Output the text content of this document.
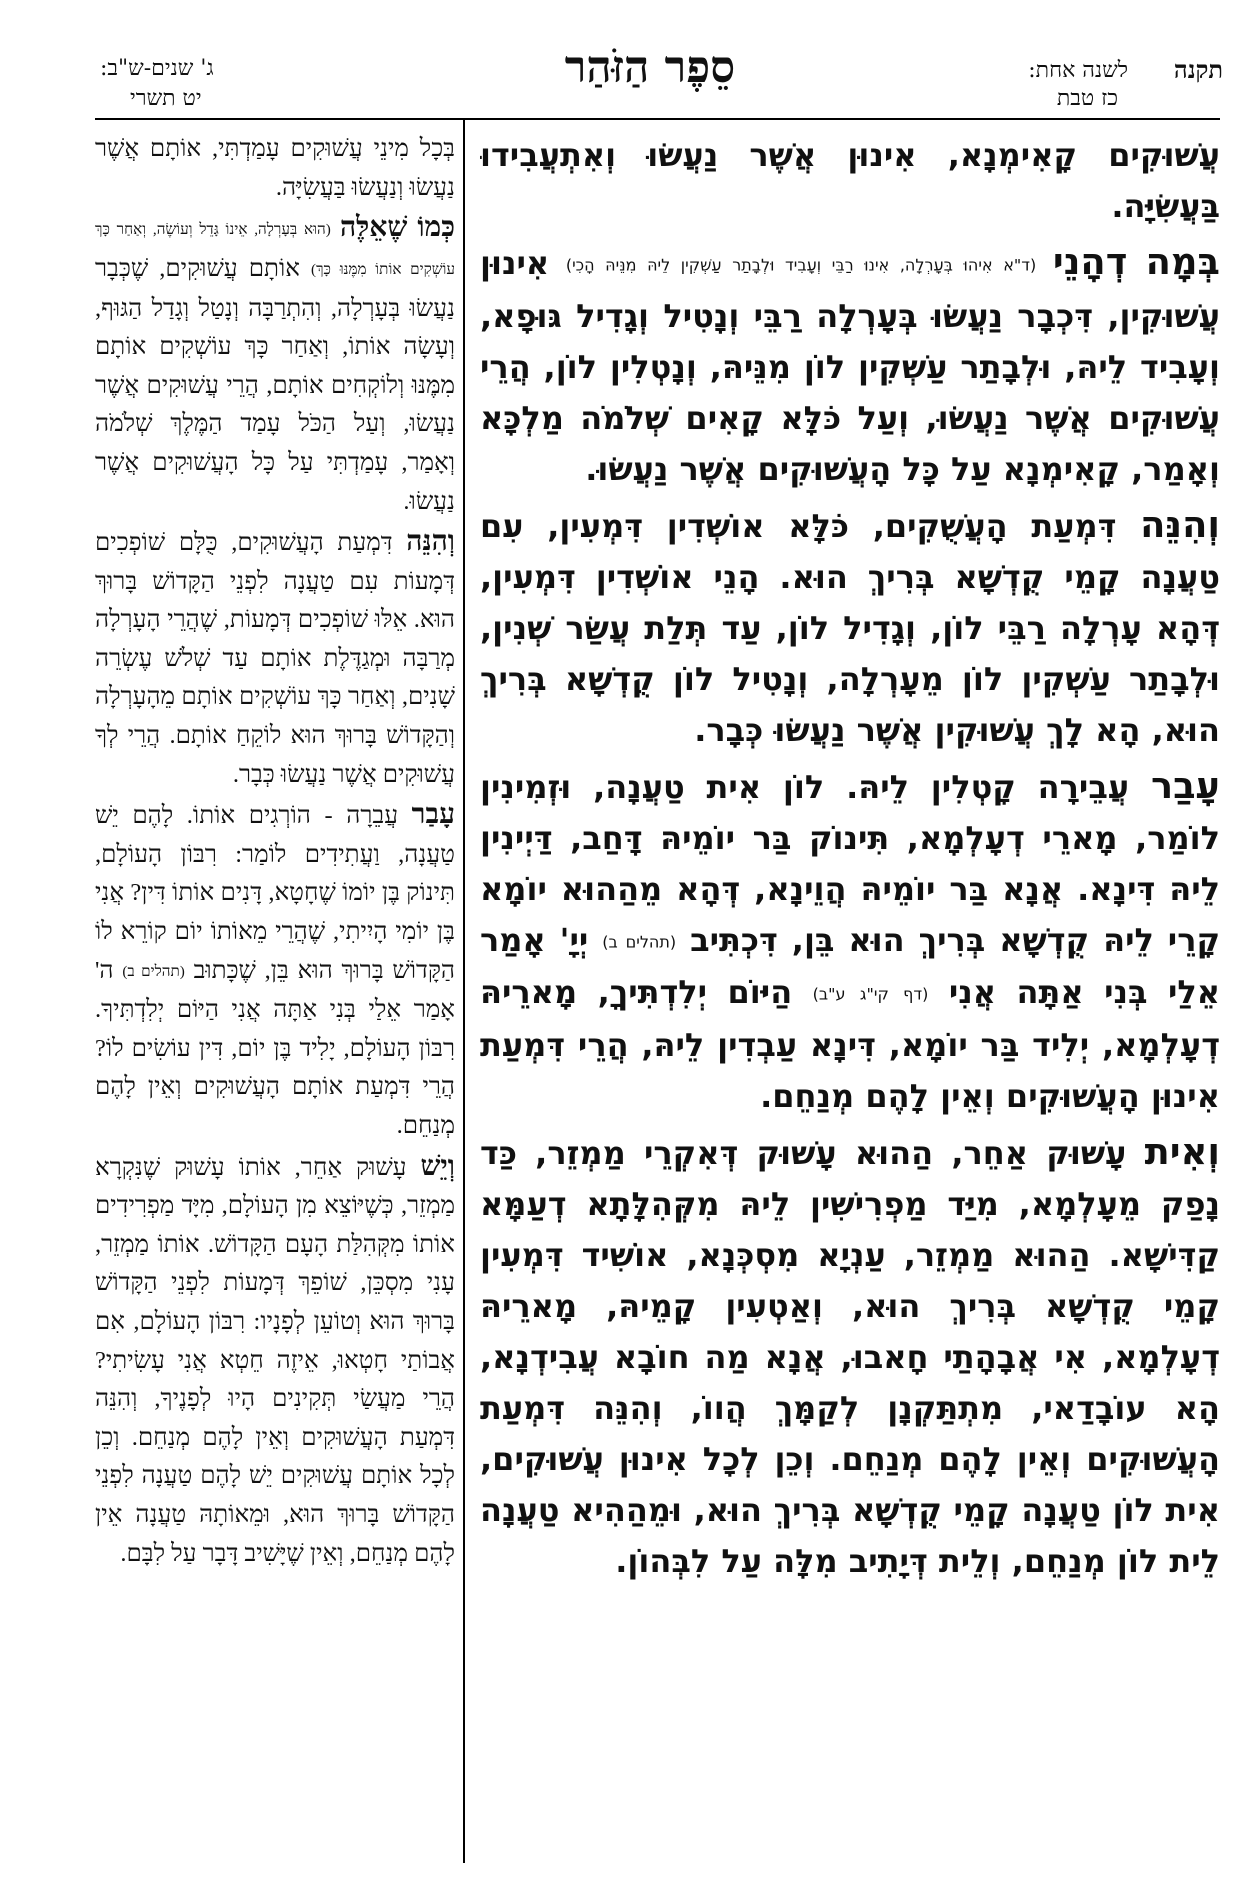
תקנה
לשנה אחת:
כז טבת
סֵפֶר הַזֹּהַר
ג' שנים-ש"ב:
יט תשרי

עֲשׁוּקִים קָאִימְנָא, אִינוּן אֲשֶׁר נַעֲשׂוּ וְאִתְעֲבִידוּ בַּעֲשִׂיָּה.

בְּמָה דְהָנֵי (ד"א אִיהוּ בְּעָרְלָה, אִינוּ רַבֵּי וְעָבִיד וּלְבָתַר עַשְׁקִין לֵיהּ מִנֵּיהּ הָכִי) אִינוּן עֲשׁוּקִין, דִּכְבָר נַעֲשׂוּ בְּעָרְלָה רַבֵּי וְנָטִיל וְגָדִיל גּוּפָא, וְעָבִיד לֵיהּ, וּלְבָתַר עַשְׁקִין לוֹן מִנֵּיהּ, וְנָטְלִין לוֹן, הֲרֵי עֲשׁוּקִים אֲשֶׁר נַעֲשׂוּ, וְעַל כֹּלָּא קָאִים שְׁלֹמֹה מַלְכָּא וְאָמַר, קָאִימְנָא עַל כָּל הָעֲשׁוּקִים אֲשֶׁר נַעֲשׂוּ.

וְהִנֵּה דִּמְעַת הָעֲשֻׁקִים, כֹּלָּא אוֹשְׁדִין דִּמְעִין, עִם טַעֲנָה קָמֵי קֻדְשָׁא בְּרִיךְ הוּא. הָנֵי אוֹשְׁדִין דִּמְעִין, דְּהָא עָרְלָה רַבֵּי לוֹן, וְגָדִיל לוֹן, עַד תְּלַת עֲשַׂר שְׁנִין, וּלְבָתַר עַשְׁקִין לוֹן מֵעָרְלָה, וְנָטִיל לוֹן קֻדְשָׁא בְּרִיךְ הוּא, הָא לָךְ עֲשׁוּקִין אֲשֶׁר נַעֲשׂוּ כְּבָר.

עָבַר עֲבֵירָה קָטְלִין לֵיהּ. לוֹן אִית טַעֲנָה, וּזְמִינִין לוֹמַר, מָארֵי דְעָלְמָא, תִּינוֹק בַּר יוֹמֵיהּ דָּחַב, דַּיְינִין לֵיהּ דִּינָא. אֲנָא בַּר יוֹמֵיהּ הֲוֵינָא, דְּהָא מֵהַהוּא יוֹמָא קָרֵי לֵיהּ קֻדְשָׁא בְּרִיךְ הוּא בֵּן, דִּכְתִּיב (תהלים ב) יְיָ' אָמַר אֵלַי בְּנִי אַתָּה אֲנִי (דף קי"ג ע"ב) הַיּוֹם יְלִדְתִּיךָ, מָארֵיהּ דְעָלְמָא, יְלִיד בַּר יוֹמָא, דִּינָא עַבְדִין לֵיהּ, הֲרֵי דִּמְעַת אִינוּן הָעֲשׁוּקִים וְאֵין לָהֶם מְנַחֵם.

וְאִית עָשׁוּק אַחֵר, הַהוּא עָשׁוּק דְּאִקְרֵי מַמְזֵר, כַּד נָפַק מֵעָלְמָא, מִיַּד מַפְרִישִׁין לֵיהּ מִקְּהִלָּתָא דְעַמָּא קַדִּישָׁא. הַהוּא מַמְזֵר, עַנְיָא מִסְכְּנָא, אוֹשִׁיד דִּמְעִין קָמֵי קֻדְשָׁא בְּרִיךְ הוּא, וְאַטְעִין קָמֵיהּ, מָארֵיהּ דְעָלְמָא, אִי אֲבָהָתַי חָאבוּ, אֲנָא מַה חוֹבָא עֲבִידְנָא, הָא עוֹבָדַאי, מִתְתַּקְנָן לְקַמָּךְ הֲווֹ, וְהִנֵּה דִּמְעַת הָעֲשׁוּקִים וְאֵין לָהֶם מְנַחֵם. וְכֵן לְכָל אִינוּן עֲשׁוּקִים, אִית לוֹן טַעֲנָה קָמֵי קֻדְשָׁא בְּרִיךְ הוּא, וּמֵהַהִיא טַעֲנָה לֵית לוֹן מְנַחֵם, וְלֵית דְּיָתִיב מִלָּה עַל לִבְּהוֹן.

בְּכָל מִינֵי עֲשׁוּקִים עָמַדְתִּי, אוֹתָם אֲשֶׁר נַעֲשׂוּ וְנַעֲשׂוּ בַּעֲשִׂיָּה.

כְּמוֹ שֶׁאֵלֶּה (הוּא בְּעָרְלָה, אֵינוֹ גָּדֵל וְעוֹשֶׂה, וְאַחַר כָּךְ עוֹשְׁקִים אוֹתוֹ מִמֶּנּוּ כָּךְ) אוֹתָם עֲשׁוּקִים, שֶׁכְּבָר נַעֲשׂוּ בְּעָרְלָה, וְהִתְרַבָּה וְנָטַל וְגָדַל הַגּוּף, וְעָשָׂה אוֹתוֹ, וְאַחַר כָּךְ עוֹשְׁקִים אוֹתָם מִמֶּנּוּ וְלוֹקְחִים אוֹתָם, הֲרֵי עֲשׁוּקִים אֲשֶׁר נַעֲשׂוּ, וְעַל הַכֹּל עָמַד הַמֶּלֶךְ שְׁלֹמֹה וְאָמַר, עָמַדְתִּי עַל כָּל הָעֲשׁוּקִים אֲשֶׁר נַעֲשׂוּ.

וְהִנֵּה דִּמְעַת הָעֲשׁוּקִים, כֻּלָּם שׁוֹפְכִים דְּמָעוֹת עִם טַעֲנָה לִפְנֵי הַקָּדוֹשׁ בָּרוּךְ הוּא. אֵלּוּ שׁוֹפְכִים דְּמָעוֹת, שֶׁהֲרֵי הָעָרְלָה מְרַבָּה וּמְגַדֶּלֶת אוֹתָם עַד שְׁלֹשׁ עֶשְׂרֵה שָׁנִים, וְאַחַר כָּךְ עוֹשְׁקִים אוֹתָם מֵהָעָרְלָה וְהַקָּדוֹשׁ בָּרוּךְ הוּא לוֹקֵחַ אוֹתָם. הֲרֵי לְךָ עֲשׁוּקִים אֲשֶׁר נַעֲשׂוּ כְּבָר.

עָבַר עֲבֵרָה - הוֹרְגִים אוֹתוֹ. לָהֶם יֵשׁ טַעֲנָה, וַעֲתִידִים לוֹמַר: רִבּוֹן הָעוֹלָם, תִּינוֹק בֶּן יוֹמוֹ שֶׁחָטָא, דָּנִים אוֹתוֹ דִּין? אֲנִי בֶּן יוֹמִי הָיִיתִי, שֶׁהֲרֵי מֵאוֹתוֹ יוֹם קוֹרֵא לוֹ הַקָּדוֹשׁ בָּרוּךְ הוּא בֵּן, שֶׁכָּתוּב (תהלים ב) ה' אָמַר אֵלַי בְּנִי אַתָּה אֲנִי הַיּוֹם יְלִדְתִּיךָ. רִבּוֹן הָעוֹלָם, יָלִיד בֶּן יוֹם, דִּין עוֹשִׂים לוֹ? הֲרֵי דִּמְעַת אוֹתָם הָעֲשׁוּקִים וְאֵין לָהֶם מְנַחֵם.

וְיֵשׁ עָשׁוּק אַחֵר, אוֹתוֹ עָשׁוּק שֶׁנִּקְרָא מַמְזֵר, כְּשֶׁיּוֹצֵא מִן הָעוֹלָם, מִיָּד מַפְרִידִים אוֹתוֹ מִקְּהִלַּת הָעָם הַקָּדוֹשׁ. אוֹתוֹ מַמְזֵר, עָנִי מִסְכֵּן, שׁוֹפֵךְ דְּמָעוֹת לִפְנֵי הַקָּדוֹשׁ בָּרוּךְ הוּא וְטוֹעֵן לְפָנָיו: רִבּוֹן הָעוֹלָם, אִם אֲבוֹתַי חָטְאוּ, אֵיזֶה חֵטְא אֲנִי עָשִׂיתִי? הֲרֵי מַעֲשַׂי תְּקִינִים הָיוּ לְפָנֶיךָ, וְהִנֵּה דִּמְעַת הָעֲשׁוּקִים וְאֵין לָהֶם מְנַחֵם. וְכֵן לְכָל אוֹתָם עֲשׁוּקִים יֵשׁ לָהֶם טַעֲנָה לִפְנֵי הַקָּדוֹשׁ בָּרוּךְ הוּא, וּמֵאוֹתָהּ טַעֲנָה אֵין לָהֶם מְנַחֵם, וְאֵין שֶׁיָּשִׁיב דָּבָר עַל לִבָּם.
